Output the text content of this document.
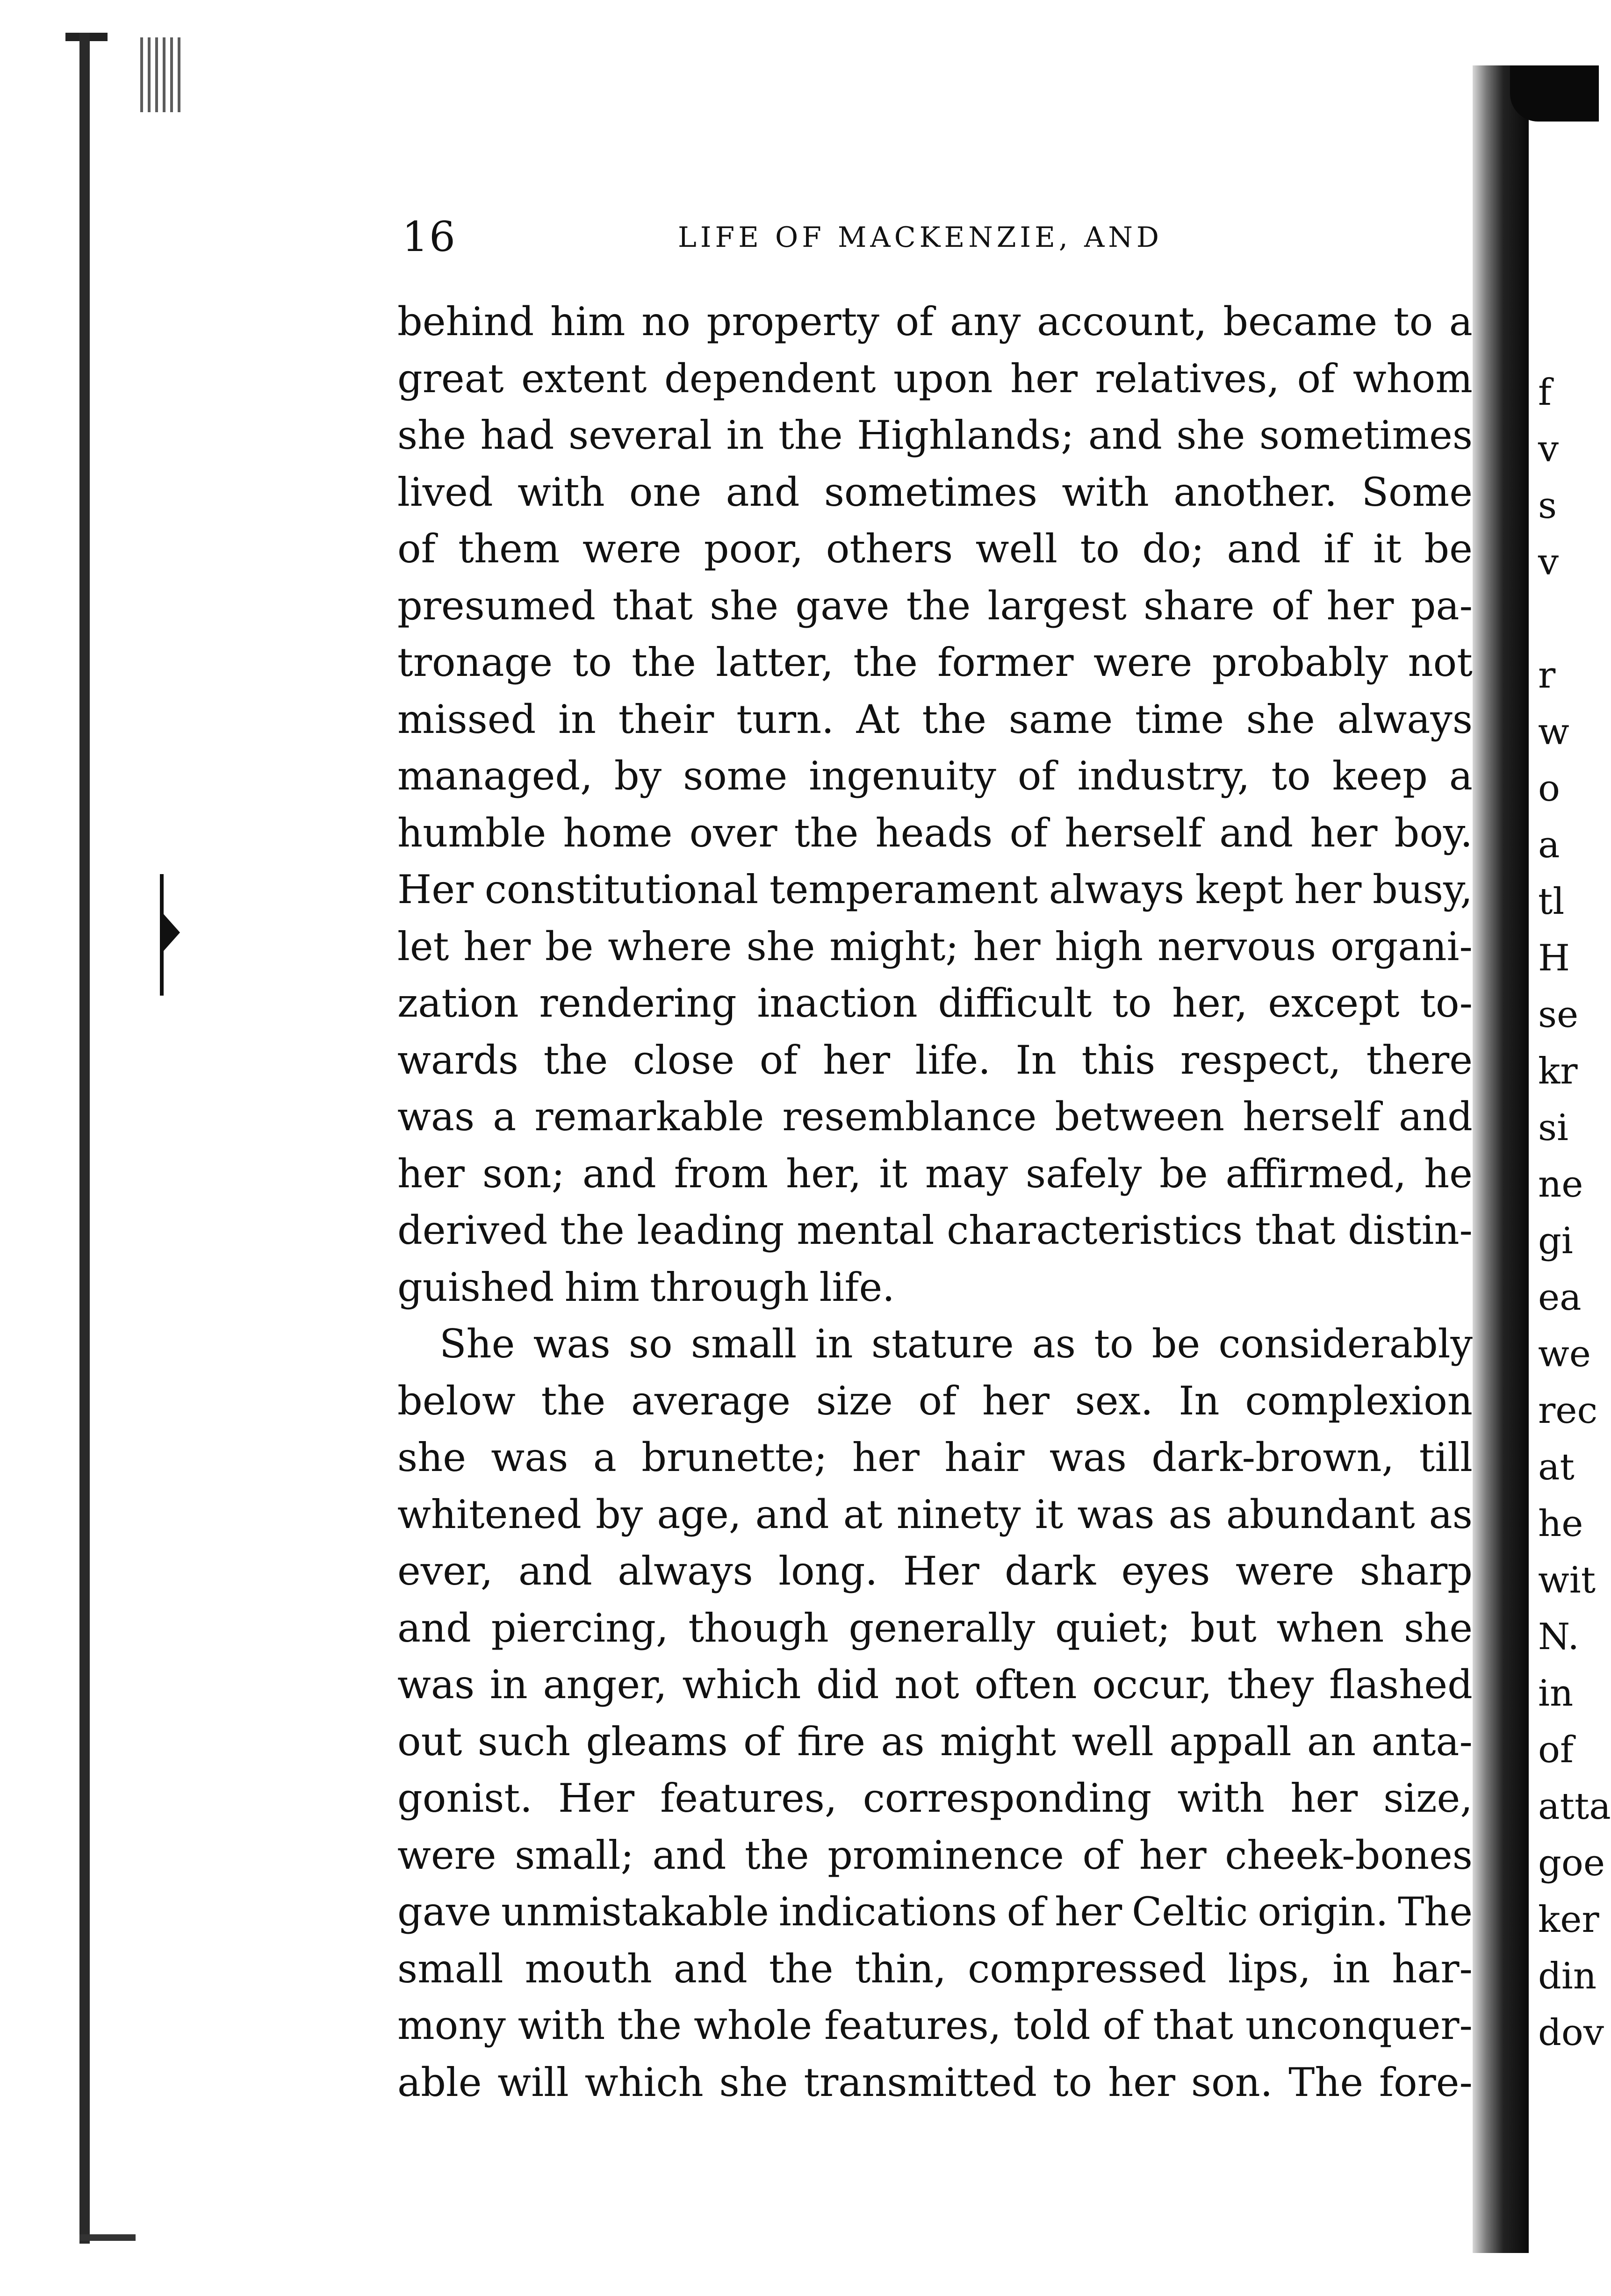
f
v
s
v
r
w
o
a
tl
H
se
kr
si
ne
gi
ea
we
rec
at
he
wit
N.
in
of
atta
goe
ker
din
dov
16	LIFE OF MACKENZIE, AND
behind him no property of any account, became to a
great extent dependent upon her relatives, of whom
she had several in the Highlands; and she sometimes
lived with one and sometimes with another. Some
of them were poor, others well to do; and if it be
presumed that she gave the largest share of her pa-
tronage to the latter, the former were probably not
missed in their turn. At the same time she always
managed, by some ingenuity of industry, to keep a
humble home over the heads of herself and her boy.
Her constitutional temperament always kept her busy,
let her be where she might; her high nervous organi-
zation rendering inaction difficult to her, except to-
wards the close of her life. In this respect, there
was a remarkable resemblance between herself and
her son; and from her, it may safely be affirmed, he
derived the leading mental characteristics that distin-
guished him through life.
She was so small in stature as to be considerably
below the average size of her sex. In complexion
she was a brunette; her hair was dark-brown, till
whitened by age, and at ninety it was as abundant as
ever, and always long. Her dark eyes were sharp
and piercing, though generally quiet; but when she
was in anger, which did not often occur, they flashed
out such gleams of fire as might well appall an anta-
gonist. Her features, corresponding with her size,
were small; and the prominence of her cheek-bones
gave unmistakable indications of her Celtic origin. The
small mouth and the thin, compressed lips, in har-
mony with the whole features, told of that unconquer-
able will which she transmitted to her son. The fore-
